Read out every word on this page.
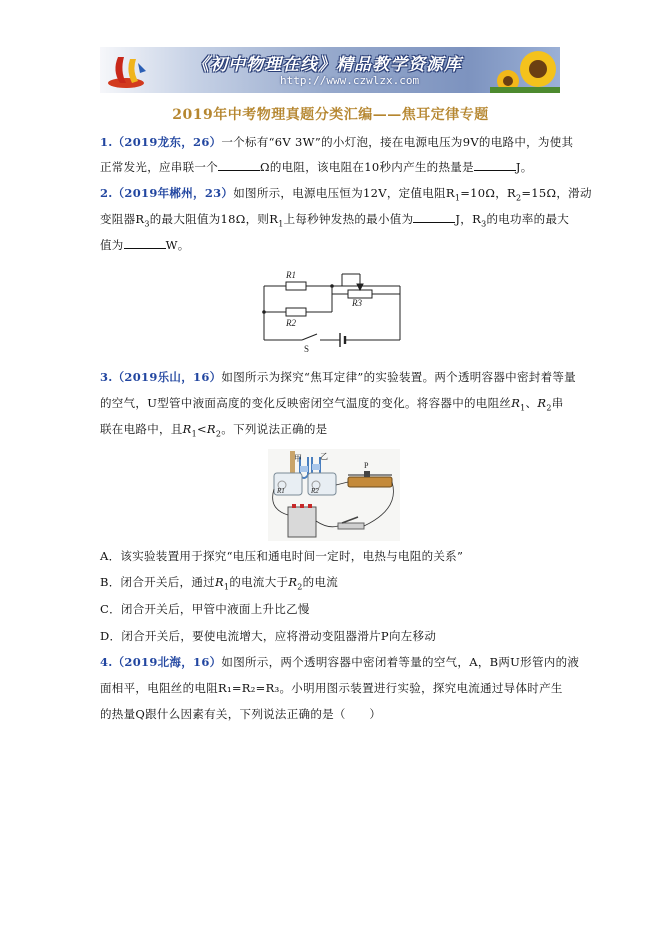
《初中物理在线》精品教学资源库
http://www.czwlzx.com
2019年中考物理真题分类汇编——焦耳定律专题
1.（2019龙东，26）一个标有“6V 3W”的小灯泡，接在电源电压为9V的电路中，为使其
正常发光，应串联一个	Ω的电阻，该电阻在10秒内产生的热量是	J。
2.（2019年郴州，23）如图所示，电源电压恒为12V，定值电阻$R_1=10\Omega$，$R_2=15\Omega$，滑动
变阻器$R_3$的最大阻值为18Ω，则$R_1$上每秒钟发热的最小值为	J，$R_3$的电功率的最大
值为	W。
R1
R3
R2
S
3.（2019乐山，16）如图所示为探究“焦耳定律”的实验装置。两个透明容器中密封着等量
的空气，U型管中液面高度的变化反映密闭空气温度的变化。将容器中的电阻丝$R_1$、$R_2$串
联在电路中，且$R_1<R_2$。下列说法正确的是
甲 乙
P
R1	R2
A．该实验装置用于探究“电压和通电时间一定时，电热与电阻的关系”
B．闭合开关后，通过$R_1$的电流大于$R_2$的电流
C．闭合开关后，甲管中液面上升比乙慢
D．闭合开关后，要使电流增大，应将滑动变阻器滑片P向左移动
4.（2019北海，16）如图所示，两个透明容器中密闭着等量的空气，A，B两U形管内的液
面相平，电阻丝的电阻R₁=R₂=R₃。小明用图示装置进行实验，探究电流通过导体时产生
的热量Q跟什么因素有关，下列说法正确的是（　　）
